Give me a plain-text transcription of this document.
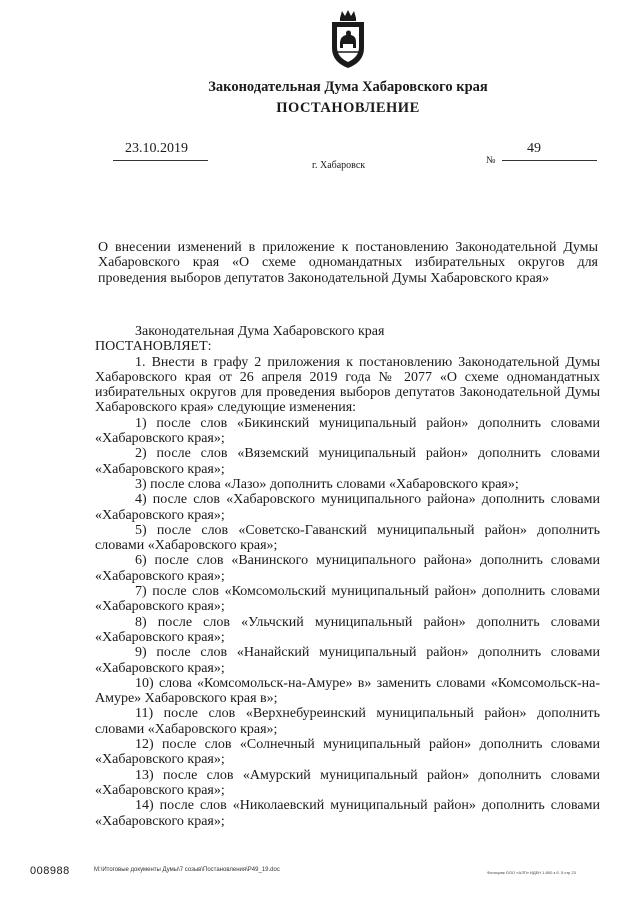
Законодательная Дума Хабаровского края
ПОСТАНОВЛЕНИЕ
23.10.2019
г. Хабаровск	№
49
О внесении изменений в приложение к постановлению Законодательной Думы
Хабаровского края «О схеме одномандатных избирательных округов для
проведения выборов депутатов Законодательной Думы Хабаровского края»
Законодательная Дума Хабаровского края
ПОСТАНОВЛЯЕТ:
1. Внести в графу 2 приложения к постановлению Законодательной Думы
Хабаровского края от 26 апреля 2019 года № 2077 «О схеме одномандатных
избирательных округов для проведения выборов депутатов Законодательной Думы
Хабаровского края» следующие изменения:
1) после слов «Бикинский муниципальный район» дополнить словами
«Хабаровского края»;
2) после слов «Вяземский муниципальный район» дополнить словами
«Хабаровского края»;
3) после слова «Лазо» дополнить словами «Хабаровского края»;
4) после слов «Хабаровского муниципального района» дополнить словами
«Хабаровского края»;
5) после слов «Советско-Гаванский муниципальный район» дополнить
словами «Хабаровского края»;
6) после слов «Ванинского муниципального района» дополнить словами
«Хабаровского края»;
7) после слов «Комсомольский муниципальный район» дополнить словами
«Хабаровского края»;
8) после слов «Ульчский муниципальный район» дополнить словами
«Хабаровского края»;
9) после слов «Нанайский муниципальный район» дополнить словами
«Хабаровского края»;
10) слова «Комсомольск-на-Амуре» в» заменить словами «Комсомольск-на-
Амуре» Хабаровского края в»;
11) после слов «Верхнебуреинский муниципальный район» дополнить
словами «Хабаровского края»;
12) после слов «Солнечный муниципальный район» дополнить словами
«Хабаровского края»;
13) после слов «Амурский муниципальный район» дополнить словами
«Хабаровского края»;
14) после слов «Николаевский муниципальный район» дополнить словами
«Хабаровского края»;
008988	M:\Итоговые документы Думы\7 созыв\Постановления\P49_19.doc	Фотоцинк ООО «АЛП» ИДЕН 1.800 з.б. 5 стр 23
